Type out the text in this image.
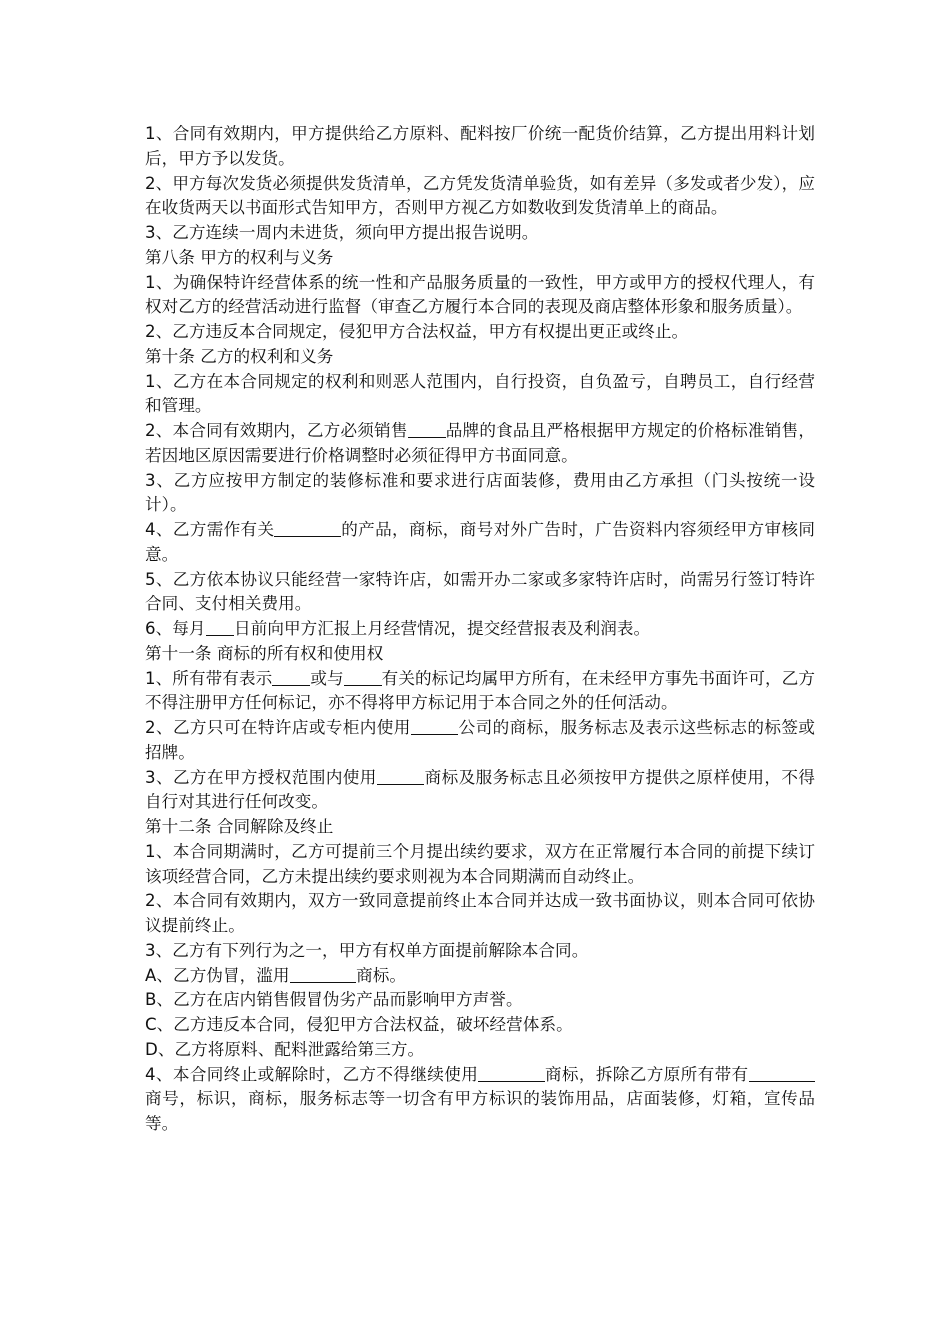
1、合同有效期内，甲方提供给乙方原料、配料按厂价统一配货价结算，乙方提出用料计划后，甲方予以发货。

2、甲方每次发货必须提供发货清单，乙方凭发货清单验货，如有差异（多发或者少发），应在收货两天以书面形式告知甲方，否则甲方视乙方如数收到发货清单上的商品。

3、乙方连续一周内未进货，须向甲方提出报告说明。

第八条 甲方的权利与义务

1、为确保特许经营体系的统一性和产品服务质量的一致性，甲方或甲方的授权代理人，有权对乙方的经营活动进行监督（审查乙方履行本合同的表现及商店整体形象和服务质量）。

2、乙方违反本合同规定，侵犯甲方合法权益，甲方有权提出更正或终止。

第十条 乙方的权利和义务

1、乙方在本合同规定的权利和则恶人范围内，自行投资，自负盈亏，自聘员工，自行经营和管理。

2、本合同有效期内，乙方必须销售 品牌的食品且严格根据甲方规定的价格标准销售，若因地区原因需要进行价格调整时必须征得甲方书面同意。

3、乙方应按甲方制定的装修标准和要求进行店面装修，费用由乙方承担（门头按统一设计）。

4、乙方需作有关	的产品，商标，商号对外广告时，广告资料内容须经甲方审核同意。

5、乙方依本协议只能经营一家特许店，如需开办二家或多家特许店时，尚需另行签订特许合同、支付相关费用。

6、每月 日前向甲方汇报上月经营情况，提交经营报表及利润表。

第十一条 商标的所有权和使用权

1、所有带有表示 或与 有关的标记均属甲方所有，在未经甲方事先书面许可，乙方不得注册甲方任何标记，亦不得将甲方标记用于本合同之外的任何活动。

2、乙方只可在特许店或专柜内使用	公司的商标，服务标志及表示这些标志的标签或招牌。

3、乙方在甲方授权范围内使用	商标及服务标志且必须按甲方提供之原样使用，不得自行对其进行任何改变。

第十二条 合同解除及终止

1、本合同期满时，乙方可提前三个月提出续约要求，双方在正常履行本合同的前提下续订该项经营合同，乙方未提出续约要求则视为本合同期满而自动终止。

2、本合同有效期内，双方一致同意提前终止本合同并达成一致书面协议，则本合同可依协议提前终止。

3、乙方有下列行为之一，甲方有权单方面提前解除本合同。

A、乙方伪冒，滥用	商标。

B、乙方在店内销售假冒伪劣产品而影响甲方声誉。

C、乙方违反本合同，侵犯甲方合法权益，破坏经营体系。

D、乙方将原料、配料泄露给第三方。

4、本合同终止或解除时，乙方不得继续使用	商标，拆除乙方原所有带有商号，标识，商标，服务标志等一切含有甲方标识的装饰用品，店面装修，灯箱，宣传品等。
